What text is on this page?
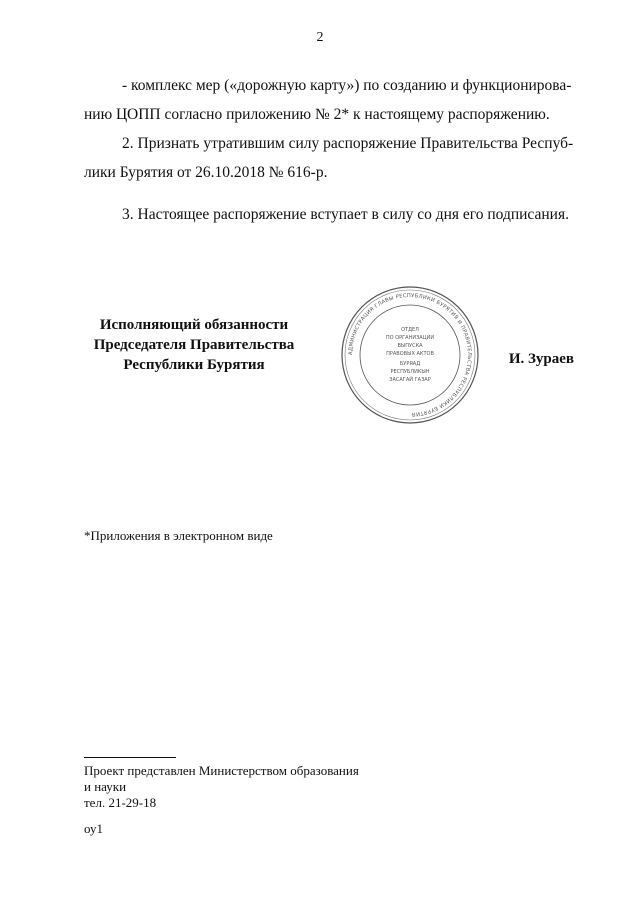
2
- комплекс мер («дорожную карту») по созданию и функционирова-
нию ЦОПП согласно приложению № 2* к настоящему распоряжению.
2. Признать утратившим силу распоряжение Правительства Респуб-
лики Бурятия от 26.10.2018 № 616-р.
3. Настоящее распоряжение вступает в силу со дня его подписания.
Исполняющий обязанности
Председателя Правительства
Республики Бурятия
АДМИНИСТРАЦИЯ ГЛАВЫ РЕСПУБЛИКИ БУРЯТИЯ И ПРАВИТЕЛЬСТВА РЕСПУБЛИКИ БУРЯТИЯ
ОТДЕЛ
ПО ОРГАНИЗАЦИИ
ВЫПУСКА
ПРАВОВЫХ АКТОВ
БУРЯАД
РЕСПУБЛИКЫН
ЗАСАГАЙ ГАЗАР
И. Зураев
*Приложения в электронном виде
Проект представлен Министерством образования
и науки
тел. 21-29-18
оу1
